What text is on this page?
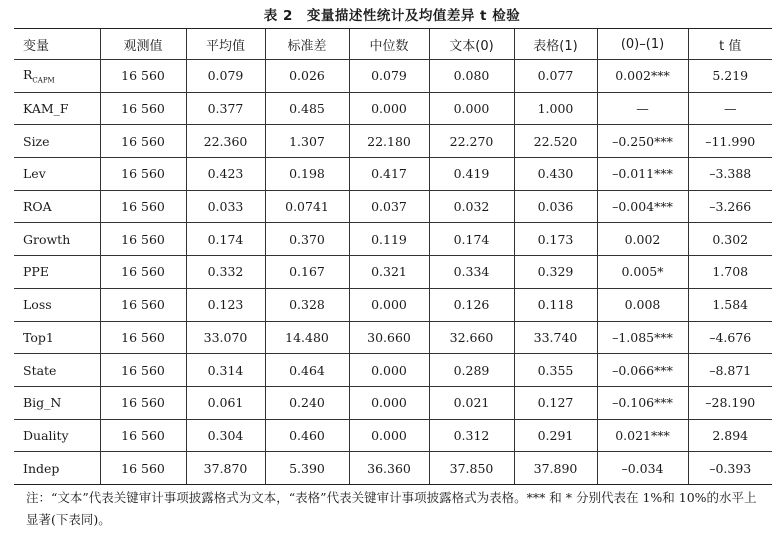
表 2　变量描述性统计及均值差异 t 检验
变量	观测值	平均值	标准差	中位数	文本(0)	表格(1)	(0)–(1)	t 值
$R_{CAPM}$	16 560	0.079	0.026	0.079	0.080	0.077	0.002***	5.219
KAM_F	16 560	0.377	0.485	0.000	0.000	1.000	—	—
Size	16 560	22.360	1.307	22.180	22.270	22.520	–0.250***	–11.990
Lev	16 560	0.423	0.198	0.417	0.419	0.430	–0.011***	–3.388
ROA	16 560	0.033	0.0741	0.037	0.032	0.036	–0.004***	–3.266
Growth	16 560	0.174	0.370	0.119	0.174	0.173	0.002	0.302
PPE	16 560	0.332	0.167	0.321	0.334	0.329	0.005*	1.708
Loss	16 560	0.123	0.328	0.000	0.126	0.118	0.008	1.584
Top1	16 560	33.070	14.480	30.660	32.660	33.740	–1.085***	–4.676
State	16 560	0.314	0.464	0.000	0.289	0.355	–0.066***	–8.871
Big_N	16 560	0.061	0.240	0.000	0.021	0.127	–0.106***	–28.190
Duality	16 560	0.304	0.460	0.000	0.312	0.291	0.021***	2.894
Indep	16 560	37.870	5.390	36.360	37.850	37.890	–0.034	–0.393
注：“文本”代表关键审计事项披露格式为文本，“表格”代表关键审计事项披露格式为表格。*** 和 * 分别代表在 1%和 10%的水平上显著(下表同)。
